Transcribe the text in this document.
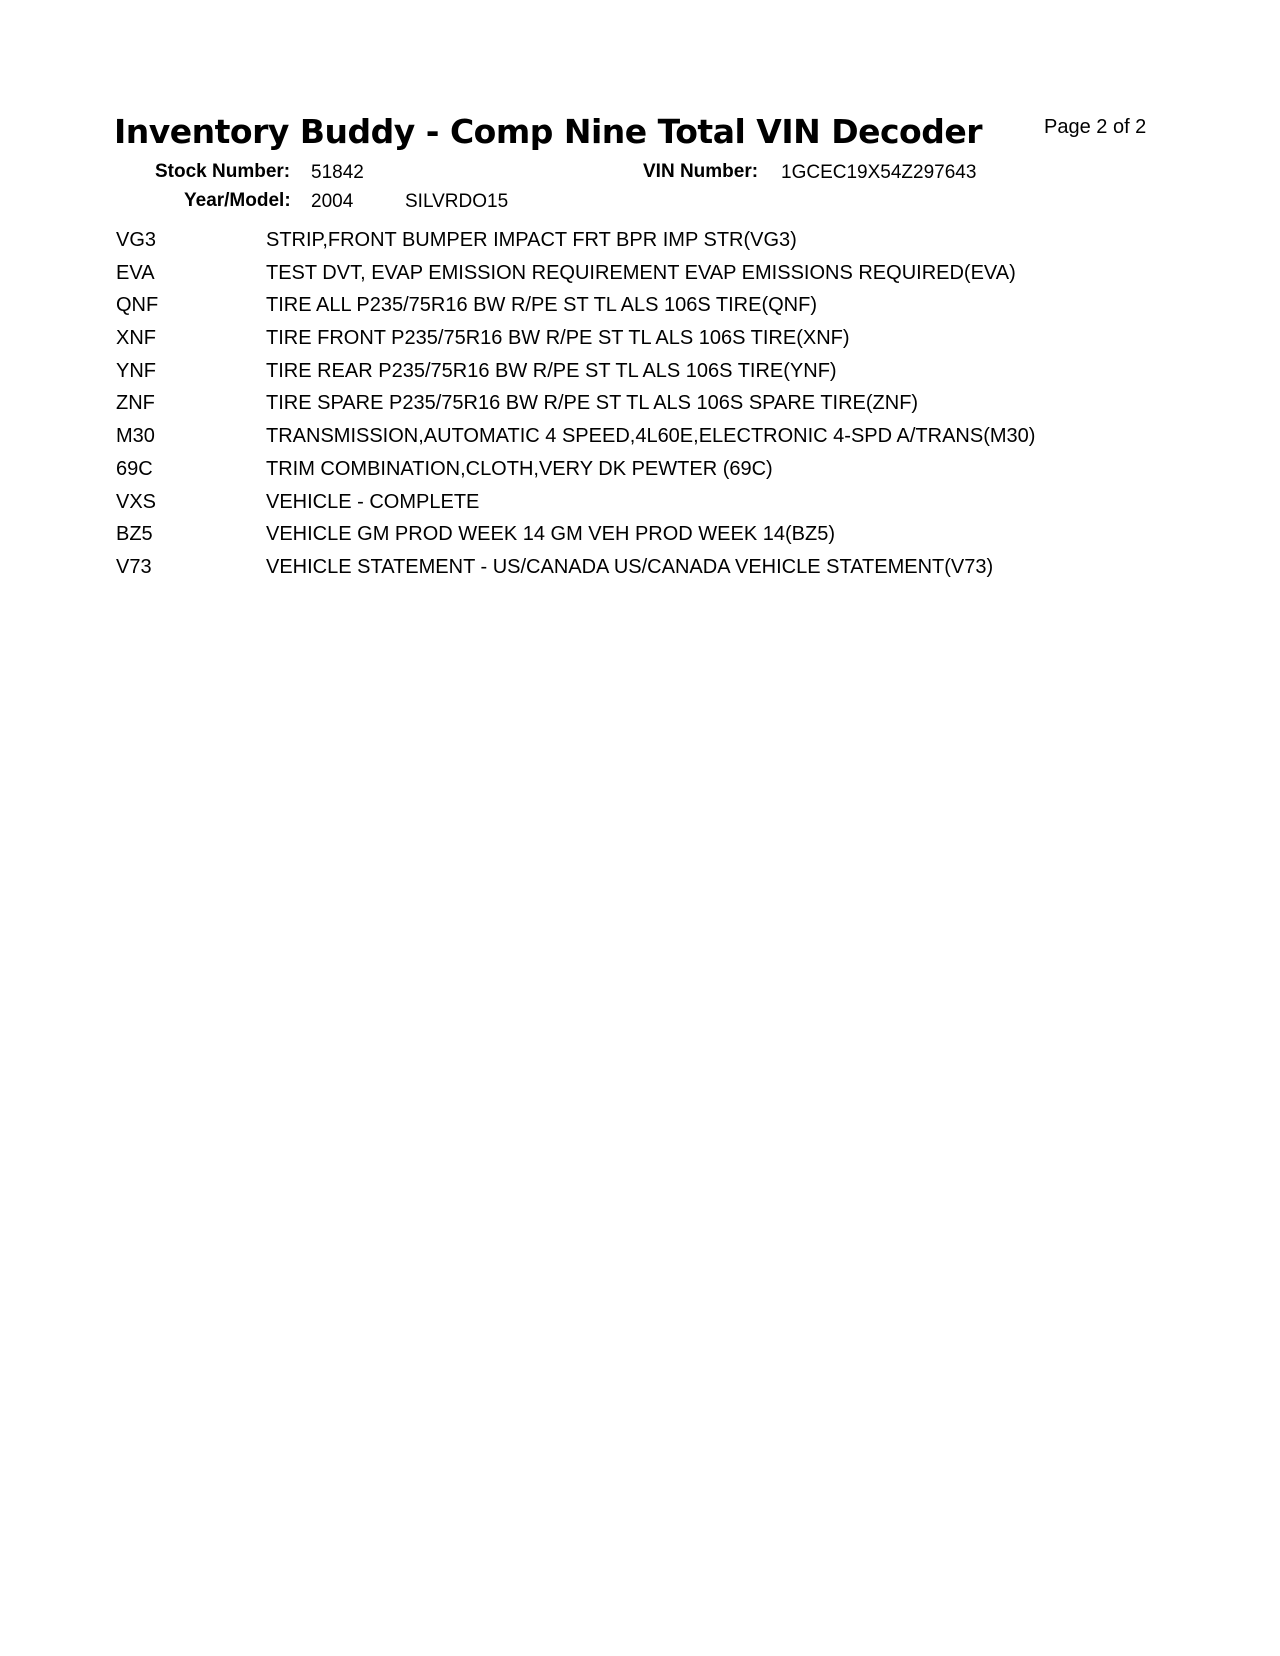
Inventory Buddy - Comp Nine Total VIN Decoder	Page 2 of 2
Stock Number: 51842	VIN Number: 1GCEC19X54Z297643
Year/Model: 2004	SILVRDO15
VG3	STRIP,FRONT BUMPER IMPACT FRT BPR IMP STR(VG3)
EVA	TEST DVT, EVAP EMISSION REQUIREMENT EVAP EMISSIONS REQUIRED(EVA)
QNF	TIRE ALL P235/75R16 BW R/PE ST TL ALS 106S TIRE(QNF)
XNF	TIRE FRONT P235/75R16 BW R/PE ST TL ALS 106S TIRE(XNF)
YNF	TIRE REAR P235/75R16 BW R/PE ST TL ALS 106S TIRE(YNF)
ZNF	TIRE SPARE P235/75R16 BW R/PE ST TL ALS 106S SPARE TIRE(ZNF)
M30	TRANSMISSION,AUTOMATIC 4 SPEED,4L60E,ELECTRONIC 4-SPD A/TRANS(M30)
69C	TRIM COMBINATION,CLOTH,VERY DK PEWTER (69C)
VXS	VEHICLE - COMPLETE
BZ5	VEHICLE GM PROD WEEK 14 GM VEH PROD WEEK 14(BZ5)
V73	VEHICLE STATEMENT - US/CANADA US/CANADA VEHICLE STATEMENT(V73)
